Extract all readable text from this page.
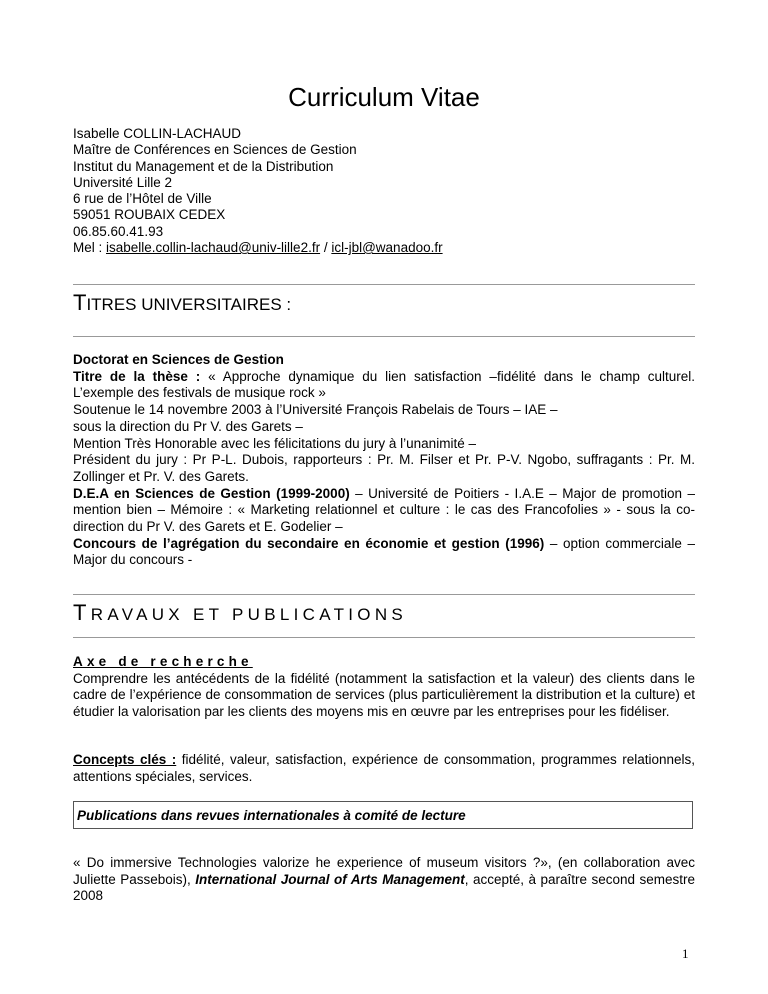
Curriculum Vitae
Isabelle COLLIN-LACHAUD
Maître de Conférences en Sciences de Gestion
Institut du Management et de la Distribution
Université Lille 2
6 rue de l’Hôtel de Ville
59051 ROUBAIX CEDEX
06.85.60.41.93
Mel : isabelle.collin-lachaud@univ-lille2.fr / icl-jbl@wanadoo.fr
TITRES UNIVERSITAIRES :

Doctorat en Sciences de Gestion

Titre de la thèse : « Approche dynamique du lien satisfaction –fidélité dans le champ culturel. L’exemple des festivals de musique rock »

Soutenue le 14 novembre 2003 à l’Université François Rabelais de Tours – IAE –

sous la direction du Pr V. des Garets –

Mention Très Honorable avec les félicitations du jury à l’unanimité –

Président du jury : Pr P-L. Dubois, rapporteurs : Pr. M. Filser et Pr. P-V. Ngobo, suffragants : Pr. M. Zollinger et Pr. V. des Garets.

D.E.A en Sciences de Gestion (1999-2000) – Université de Poitiers - I.A.E – Major de promotion – mention bien – Mémoire : « Marketing relationnel et culture : le cas des Francofolies » - sous la co-direction du Pr V. des Garets et E. Godelier –

Concours de l’agrégation du secondaire en économie et gestion (1996) – option commerciale – Major du concours -

TRAVAUX ET PUBLICATIONS

Axe de recherche

Comprendre les antécédents de la fidélité (notamment la satisfaction et la valeur) des clients dans le cadre de l’expérience de consommation de services (plus particulièrement la distribution et la culture) et étudier la valorisation par les clients des moyens mis en œuvre par les entreprises pour les fidéliser.

Concepts clés : fidélité, valeur, satisfaction, expérience de consommation, programmes relationnels, attentions spéciales, services.

Publications dans revues internationales à comité de lecture

« Do immersive Technologies valorize he experience of museum visitors ?», (en collaboration avec Juliette Passebois), International Journal of Arts Management, accepté, à paraître second semestre 2008

1
